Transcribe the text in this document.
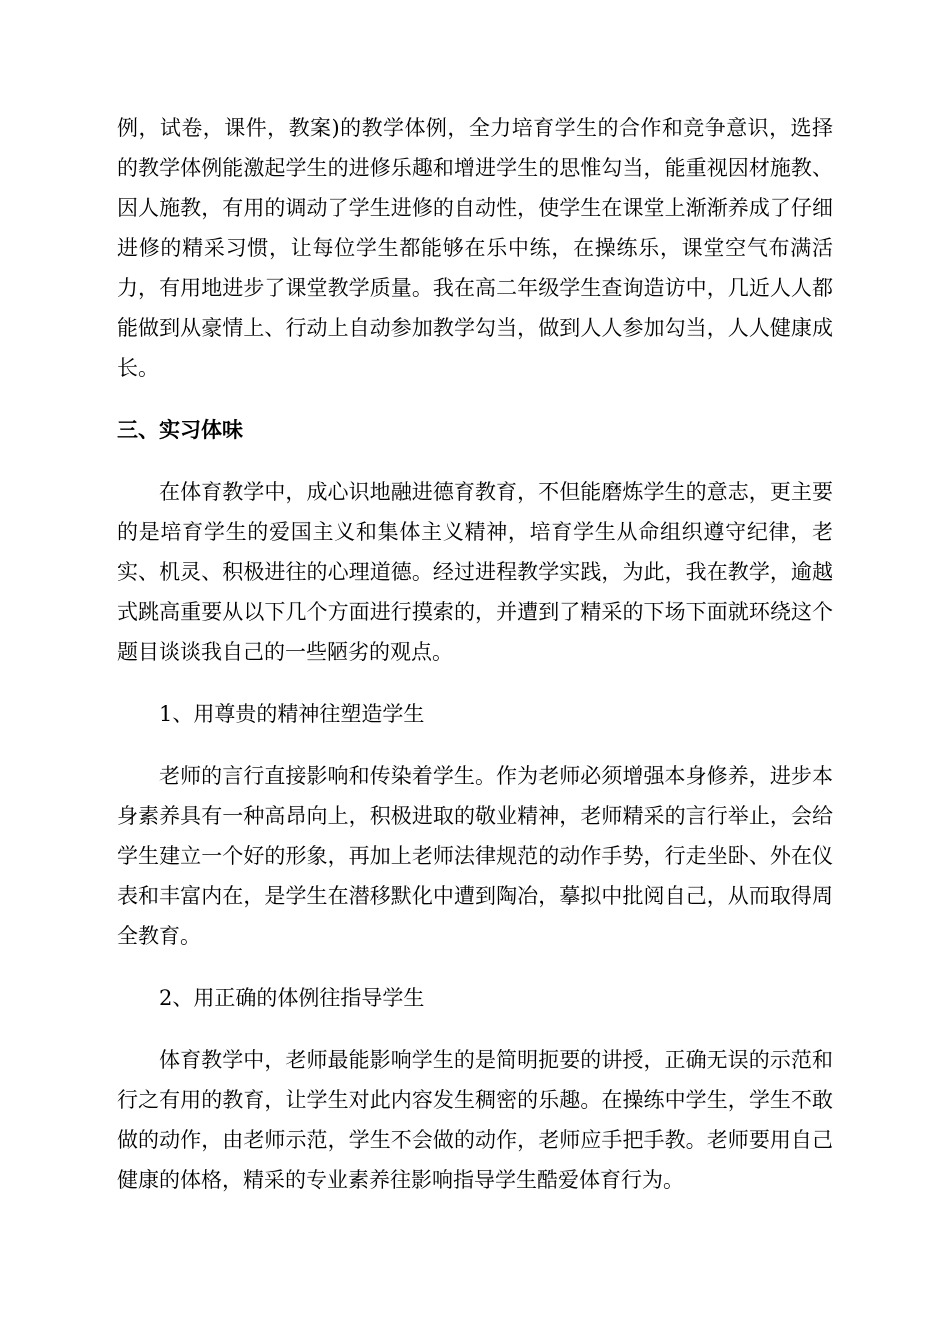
例，试卷，课件，教案)的教学体例，全力培育学生的合作和竞争意识，选择的教学体例能激起学生的进修乐趣和增进学生的思惟勾当，能重视因材施教、因人施教，有用的调动了学生进修的自动性，使学生在课堂上渐渐养成了仔细进修的精采习惯，让每位学生都能够在乐中练，在操练乐，课堂空气布满活力，有用地进步了课堂教学质量。我在高二年级学生查询造访中，几近人人都能做到从豪情上、行动上自动参加教学勾当，做到人人参加勾当，人人健康成长。

三、实习体味

在体育教学中，成心识地融进德育教育，不但能磨炼学生的意志，更主要的是培育学生的爱国主义和集体主义精神，培育学生从命组织遵守纪律，老实、机灵、积极进往的心理道德。经过进程教学实践，为此，我在教学，逾越式跳高重要从以下几个方面进行摸索的，并遭到了精采的下场下面就环绕这个题目谈谈我自己的一些陋劣的观点。

1、用尊贵的精神往塑造学生

老师的言行直接影响和传染着学生。作为老师必须增强本身修养，进步本身素养具有一种高昂向上，积极进取的敬业精神，老师精采的言行举止，会给学生建立一个好的形象，再加上老师法律规范的动作手势，行走坐卧、外在仪表和丰富内在，是学生在潜移默化中遭到陶冶，摹拟中批阅自己，从而取得周全教育。

2、用正确的体例往指导学生

体育教学中，老师最能影响学生的是简明扼要的讲授，正确无误的示范和行之有用的教育，让学生对此内容发生稠密的乐趣。在操练中学生，学生不敢做的动作，由老师示范，学生不会做的动作，老师应手把手教。老师要用自己健康的体格，精采的专业素养往影响指导学生酷爱体育行为。
